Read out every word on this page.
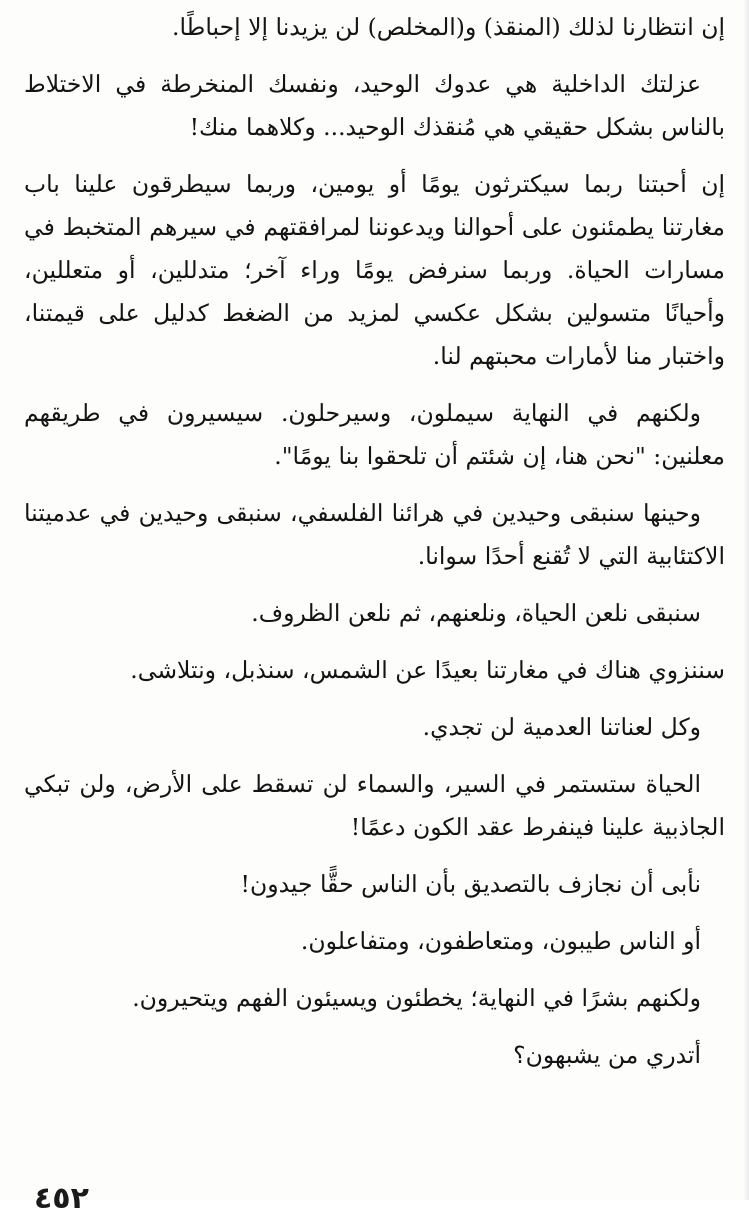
إن انتظارنا لذلك (المنقذ) و(المخلص) لن يزيدنا إلا إحباطًا.

عزلتك الداخلية هي عدوك الوحيد، ونفسك المنخرطة في الاختلاط بالناس بشكل حقيقي هي مُنقذك الوحيد... وكلاهما منك!

إن أحبتنا ربما سيكترثون يومًا أو يومين، وربما سيطرقون علينا باب مغارتنا يطمئنون على أحوالنا ويدعوننا لمرافقتهم في سيرهم المتخبط في مسارات الحياة. وربما سنرفض يومًا وراء آخر؛ متدللين، أو متعللين، وأحيانًا متسولين بشكل عكسي لمزيد من الضغط كدليل على قيمتنا، واختبار منا لأمارات محبتهم لنا.

ولكنهم في النهاية سيملون، وسيرحلون. سيسيرون في طريقهم معلنين: "نحن هنا، إن شئتم أن تلحقوا بنا يومًا".

وحينها سنبقى وحيدين في هرائنا الفلسفي، سنبقى وحيدين في عدميتنا الاكتئابية التي لا تُقنع أحدًا سوانا.

سنبقى نلعن الحياة، ونلعنهم، ثم نلعن الظروف.

سننزوي هناك في مغارتنا بعيدًا عن الشمس، سنذبل، ونتلاشى.

وكل لعناتنا العدمية لن تجدي.

الحياة ستستمر في السير، والسماء لن تسقط على الأرض، ولن تبكي الجاذبية علينا فينفرط عقد الكون دعمًا!

نأبى أن نجازف بالتصديق بأن الناس حقًّا جيدون!

أو الناس طيبون، ومتعاطفون، ومتفاعلون.

ولكنهم بشرًا في النهاية؛ يخطئون ويسيئون الفهم ويتحيرون.

أتدري من يشبهون؟

٤٥٢
